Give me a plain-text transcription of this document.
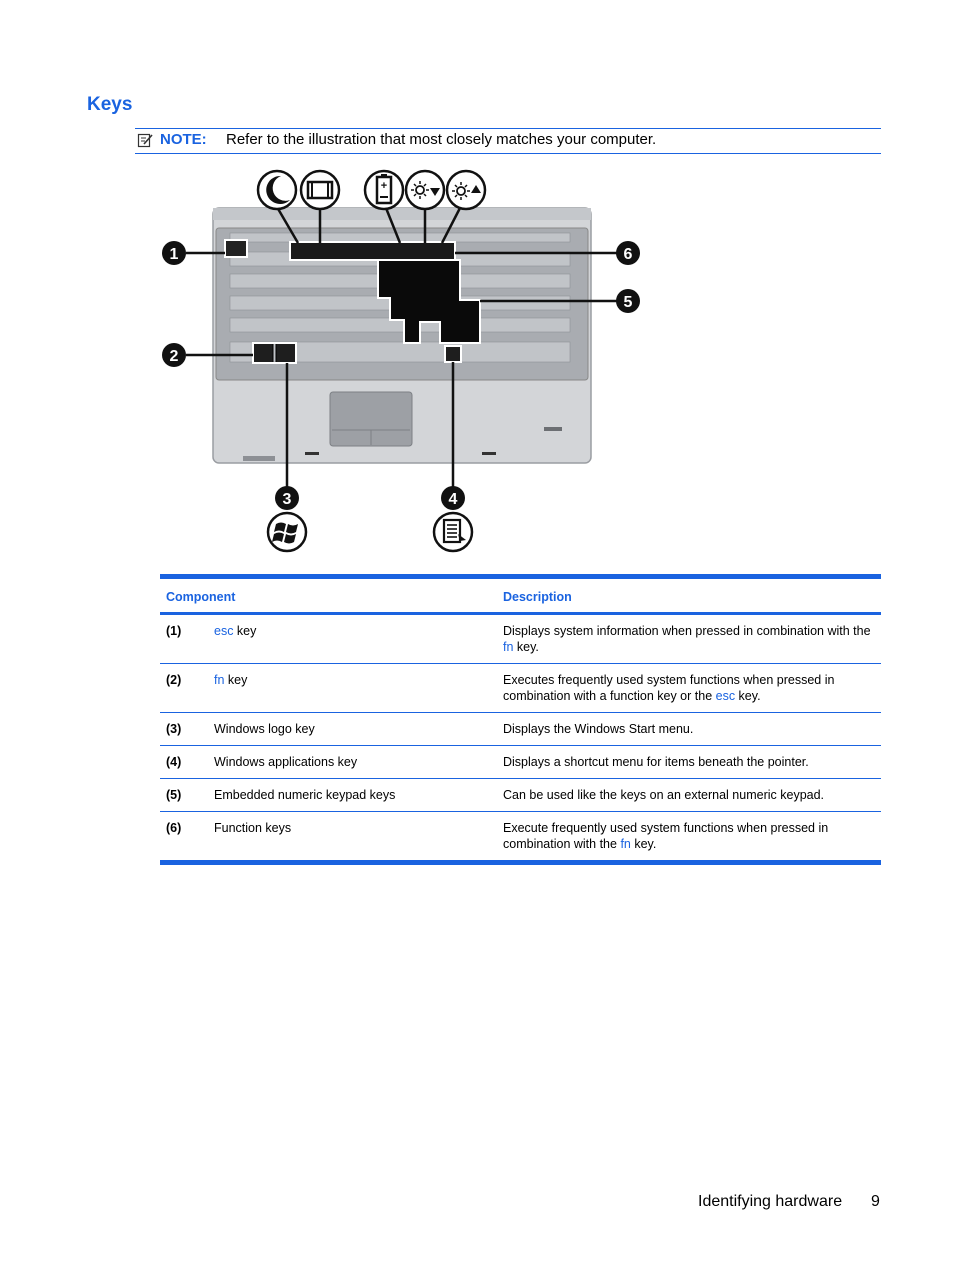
Keys
NOTE: Refer to the illustration that most closely matches your computer.
1
2
3	4
5
6
+
Component		Description
(1)	esc key	Displays system information when pressed in combination with the fn key.
(2)	fn key	Executes frequently used system functions when pressed in combination with a function key or the esc key.
(3)	Windows logo key	Displays the Windows Start menu.
(4)	Windows applications key	Displays a shortcut menu for items beneath the pointer.
(5)	Embedded numeric keypad keys	Can be used like the keys on an external numeric keypad.
(6)	Function keys	Execute frequently used system functions when pressed in combination with the fn key.
Identifying hardware 9
